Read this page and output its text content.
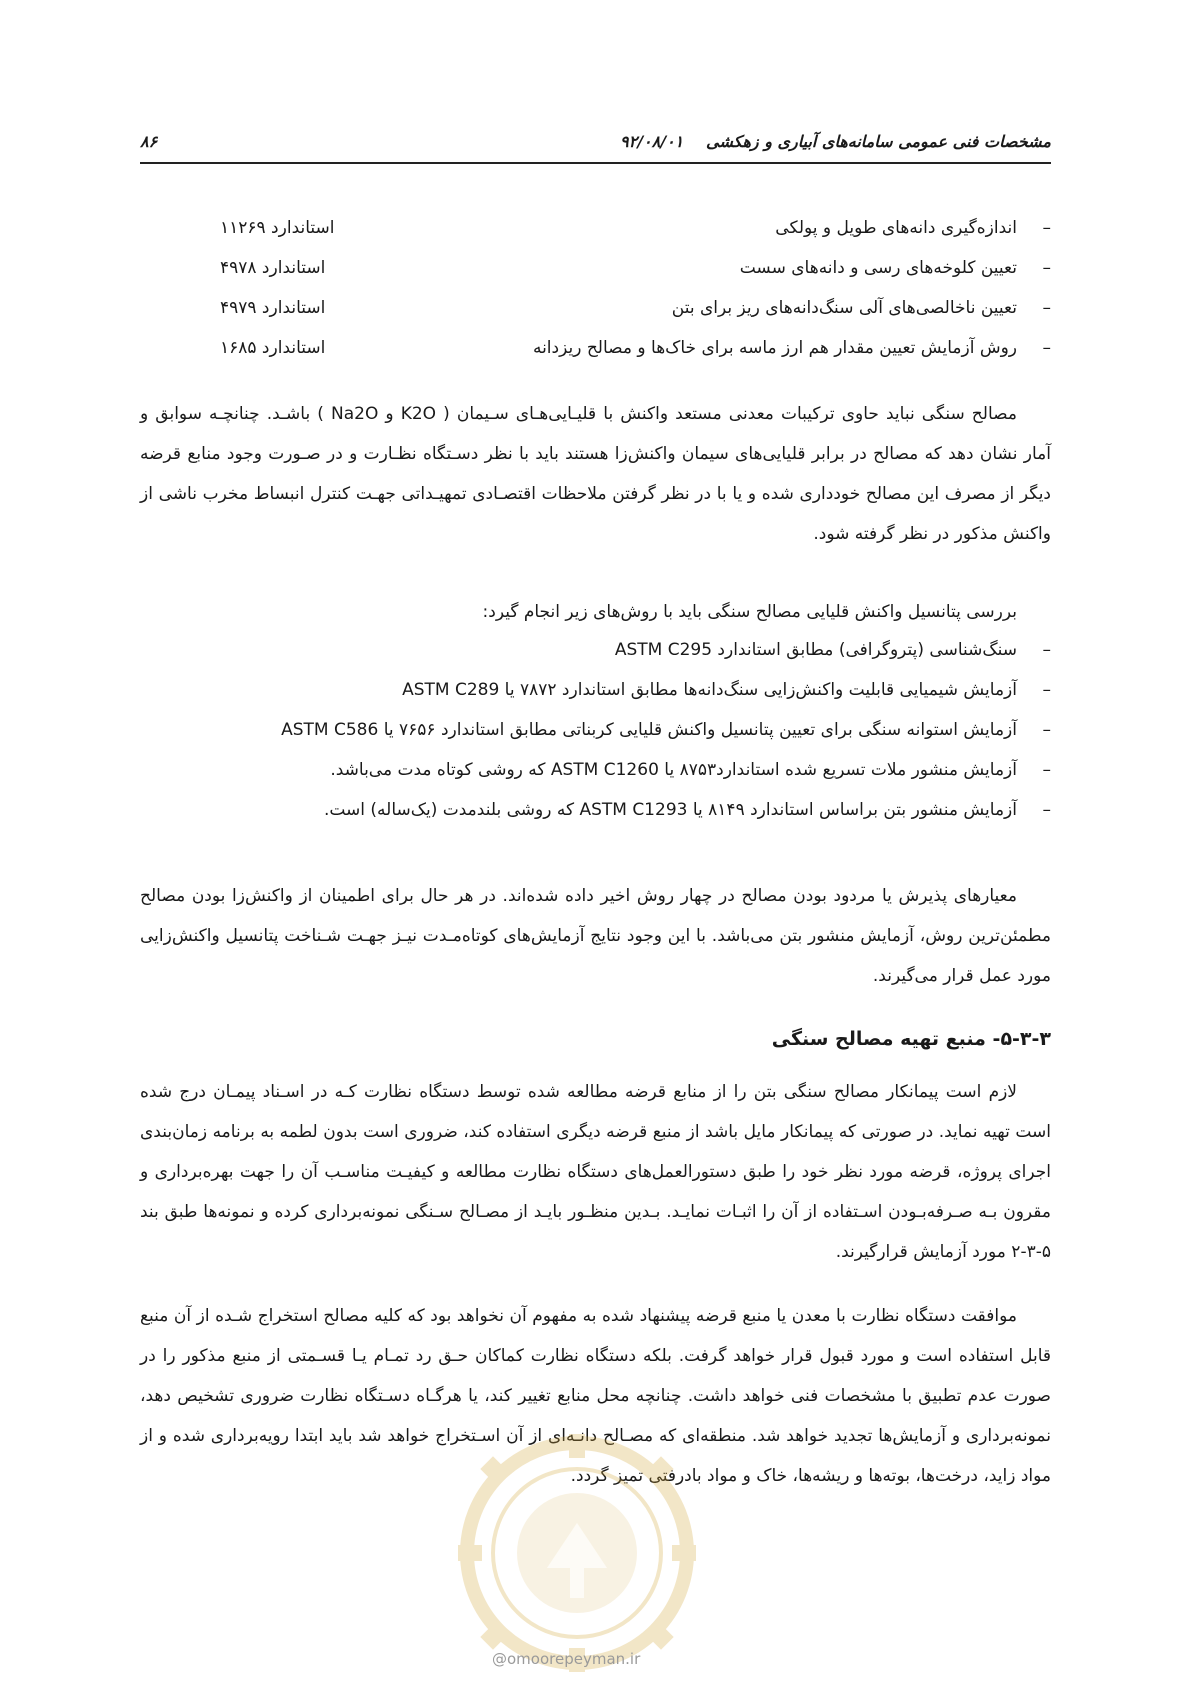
مشخصات فنی عمومی سامانه‌های آبیاری و زهکشی
۹۲/۰۸/۰۱
۸۶
–
اندازه‌گیری دانه‌های طویل و پولکی
استاندارد ۱۱۲۶۹
–
تعیین کلوخه‌های رسی و دانه‌های سست
استاندارد ۴۹۷۸
–
تعیین ناخالصی‌های آلی سنگ‌دانه‌های ریز برای بتن
استاندارد ۴۹۷۹
–
روش آزمایش تعیین مقدار هم ارز ماسه برای خاک‌ها و مصالح ریزدانه
استاندارد ۱۶۸۵

مصالح سنگی نباید حاوی ترکیبات معدنی مستعد واکنش با قلیـایی‌هـای سـیمان ( K2O و Na2O ) باشـد. چنانچـه سوابق و آمار نشان دهد که مصالح در برابر قلیایی‌های سیمان واکنش‌زا هستند باید با نظر دسـتگاه نظـارت و در صـورت وجود منابع قرضه دیگر از مصرف این مصالح خودداری شده و یا با در نظر گرفتن ملاحظات اقتصـادی تمهیـداتی جهـت کنترل انبساط مخرب ناشی از واکنش مذکور در نظر گرفته شود.

بررسی پتانسیل واکنش قلیایی مصالح سنگی باید با روش‌های زیر انجام گیرد:

–
سنگ‌شناسی (پتروگرافی) مطابق استاندارد ASTM C295
–
آزمایش شیمیایی قابلیت واکنش‌زایی سنگ‌دانه‌ها مطابق استاندارد ۷۸۷۲ یا ASTM C289
–
آزمایش استوانه سنگی برای تعیین پتانسیل واکنش قلیایی کربناتی مطابق استاندارد ۷۶۵۶ یا ASTM C586
–
آزمایش منشور ملات تسریع شده استاندارد۸۷۵۳ یا ASTM C1260 که روشی کوتاه مدت می‌باشد.
–
آزمایش منشور بتن براساس استاندارد ۸۱۴۹ یا ASTM C1293 که روشی بلندمدت (یک‌ساله) است.

معیارهای پذیرش یا مردود بودن مصالح در چهار روش اخیر داده شده‌اند. در هر حال برای اطمینان از واکنش‌زا بودن مصالح مطمئن‌ترین روش، آزمایش منشور بتن می‌باشد. با این وجود نتایج آزمایش‌های کوتاه‌مـدت نیـز جهـت شـناخت پتانسیل واکنش‌زایی مورد عمل قرار می‌گیرند.

۵-۳-۳- منبع تهیه مصالح سنگی

لازم است پیمانکار مصالح سنگی بتن را از منابع قرضه مطالعه شده توسط دستگاه نظارت کـه در اسـناد پیمـان درج شده است تهیه نماید. در صورتی که پیمانکار مایل باشد از منبع قرضه دیگری استفاده کند، ضروری است بدون لطمه به برنامه زمان‌بندی اجرای پروژه، قرضه مورد نظر خود را طبق دستورالعمل‌های دستگاه نظارت مطالعه و کیفیـت مناسـب آن را جهت بهره‌برداری و مقرون بـه صـرفه‌بـودن اسـتفاده از آن را اثبـات نمایـد. بـدین منظـور بایـد از مصـالح سـنگی نمونه‌برداری کرده و نمونه‌ها طبق بند ۵-۳-۲ مورد آزمایش قرارگیرند.

موافقت دستگاه نظارت با معدن یا منبع قرضه پیشنهاد شده به مفهوم آن نخواهد بود که کلیه مصالح استخراج شـده از آن منبع قابل استفاده است و مورد قبول قرار خواهد گرفت. بلکه دستگاه نظارت کماکان حـق رد تمـام یـا قسـمتی از منبع مذکور را در صورت عدم تطبیق با مشخصات فنی خواهد داشت. چنانچه محل منابع تغییر کند، یا هرگـاه دسـتگاه نظارت ضروری تشخیص دهد، نمونه‌برداری و آزمایش‌ها تجدید خواهد شد. منطقه‌ای که مصـالح دانـه‌ای از آن اسـتخراج خواهد شد باید ابتدا رویه‌برداری شده و از مواد زاید، درخت‌ها، بوته‌ها و ریشه‌ها، خاک و مواد بادرفتی تمیز گردد.

@omoorepeyman.ir
